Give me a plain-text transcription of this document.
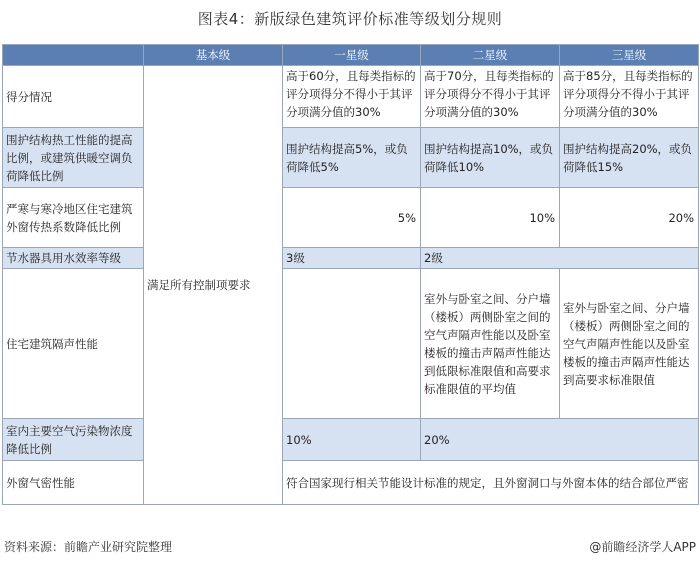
图表4：新版绿色建筑评价标准等级划分规则
	基本级	一星级	二星级	三星级
得分情况	满足所有控制项要求	高于60分，且每类指标的评分项得分不得小于其评分项满分值的30%	高于70分，且每类指标的评分项得分不得小于其评分项满分值的30%	高于85分，且每类指标的评分项得分不得小于其评分项满分值的30%
围护结构热工性能的提高比例，或建筑供暖空调负荷降低比例		围护结构提高5%，或负荷降低5%	围护结构提高10%，或负荷降低10%	围护结构提高20%，或负荷降低15%
严寒与寒冷地区住宅建筑外窗传热系数降低比例		5%	10%	20%
节水器具用水效率等级		3级	2级	
住宅建筑隔声性能			室外与卧室之间、分户墙（楼板）两侧卧室之间的空气声隔声性能以及卧室楼板的撞击声隔声性能达到低限标准限值和高要求标准限值的平均值	室外与卧室之间、分户墙（楼板）两侧卧室之间的空气声隔声性能以及卧室楼板的撞击声隔声性能达到高要求标准限值
室内主要空气污染物浓度降低比例		10%	20%	
外窗气密性能		符合国家现行相关节能设计标准的规定，且外窗洞口与外窗本体的结合部位严密		
资料来源：前瞻产业研究院整理	@前瞻经济学人APP
